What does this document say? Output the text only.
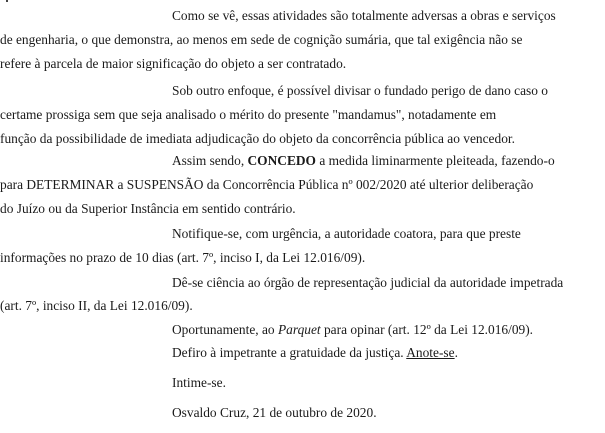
Como se vê, essas atividades são totalmente adversas a obras e serviços
de engenharia, o que demonstra, ao menos em sede de cognição sumária, que tal exigência não se
refere à parcela de maior significação do objeto a ser contratado.
Sob outro enfoque, é possível divisar o fundado perigo de dano caso o
certame prossiga sem que seja analisado o mérito do presente "mandamus", notadamente em
função da possibilidade de imediata adjudicação do objeto da concorrência pública ao vencedor.
Assim sendo, CONCEDO a medida liminarmente pleiteada, fazendo-o
para DETERMINAR a SUSPENSÃO da Concorrência Pública nº 002/2020 até ulterior deliberação
do Juízo ou da Superior Instância em sentido contrário.
Notifique-se, com urgência, a autoridade coatora, para que preste
informações no prazo de 10 dias (art. 7º, inciso I, da Lei 12.016/09).
Dê-se ciência ao órgão de representação judicial da autoridade impetrada
(art. 7º, inciso II, da Lei 12.016/09).
Oportunamente, ao Parquet para opinar (art. 12º da Lei 12.016/09).
Defiro à impetrante a gratuidade da justiça. Anote-se.
Intime-se.
Osvaldo Cruz, 21 de outubro de 2020.
